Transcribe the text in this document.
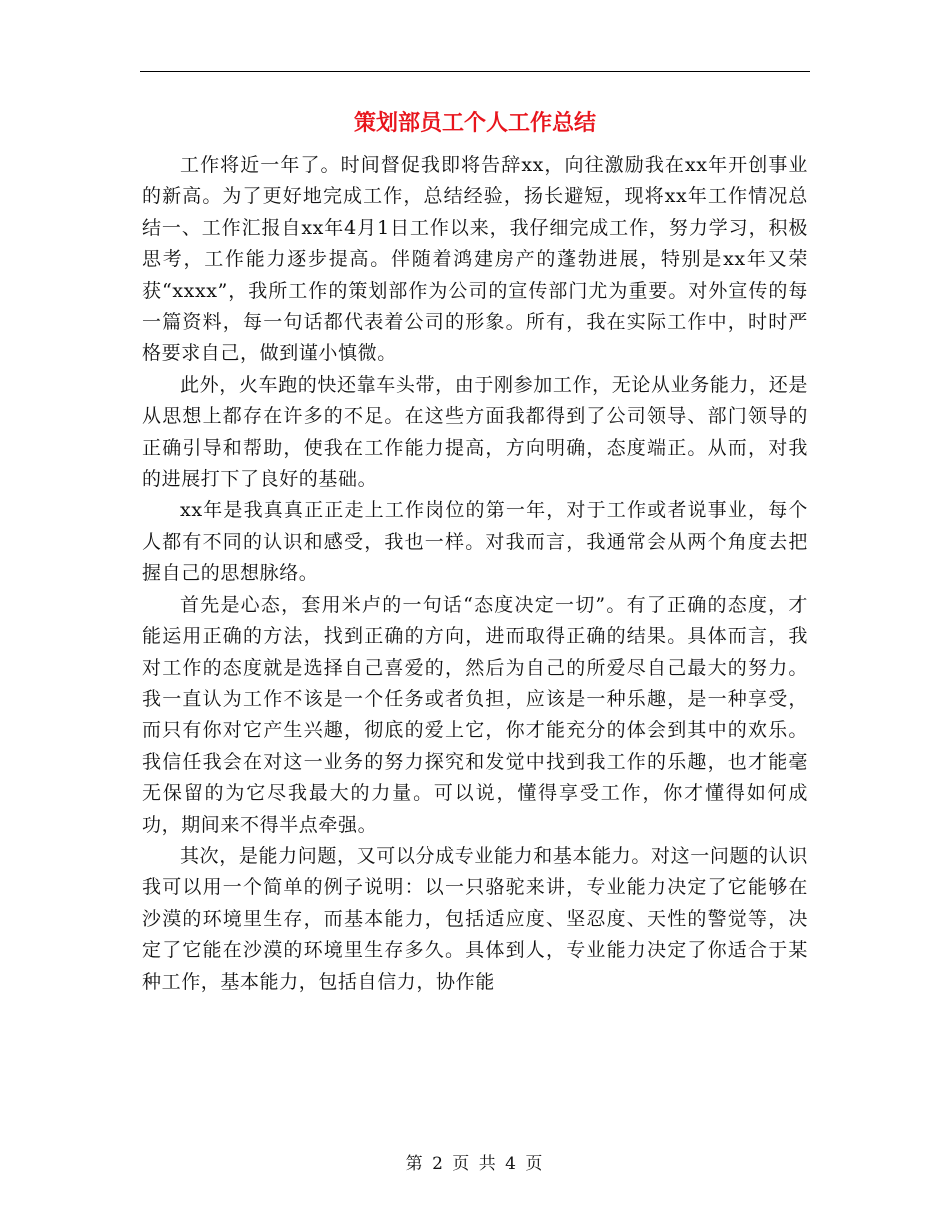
策划部员工个人工作总结

工作将近一年了。时间督促我即将告辞xx，向往激励我在xx年开创事业的新高。为了更好地完成工作，总结经验，扬长避短，现将xx年工作情况总结一、工作汇报自xx年4月1日工作以来，我仔细完成工作，努力学习，积极思考，工作能力逐步提高。伴随着鸿建房产的蓬勃进展，特别是xx年又荣获“xxxx”，我所工作的策划部作为公司的宣传部门尤为重要。对外宣传的每一篇资料，每一句话都代表着公司的形象。所有，我在实际工作中，时时严格要求自己，做到谨小慎微。

此外，火车跑的快还靠车头带，由于刚参加工作，无论从业务能力，还是从思想上都存在许多的不足。在这些方面我都得到了公司领导、部门领导的正确引导和帮助，使我在工作能力提高，方向明确，态度端正。从而，对我的进展打下了良好的基础。

xx年是我真真正正走上工作岗位的第一年，对于工作或者说事业，每个人都有不同的认识和感受，我也一样。对我而言，我通常会从两个角度去把握自己的思想脉络。

首先是心态，套用米卢的一句话“态度决定一切”。有了正确的态度，才能运用正确的方法，找到正确的方向，进而取得正确的结果。具体而言，我对工作的态度就是选择自己喜爱的，然后为自己的所爱尽自己最大的努力。我一直认为工作不该是一个任务或者负担，应该是一种乐趣，是一种享受，而只有你对它产生兴趣，彻底的爱上它，你才能充分的体会到其中的欢乐。我信任我会在对这一业务的努力探究和发觉中找到我工作的乐趣，也才能毫无保留的为它尽我最大的力量。可以说，懂得享受工作，你才懂得如何成功，期间来不得半点牵强。

其次，是能力问题，又可以分成专业能力和基本能力。对这一问题的认识我可以用一个简单的例子说明：以一只骆驼来讲，专业能力决定了它能够在沙漠的环境里生存，而基本能力，包括适应度、坚忍度、天性的警觉等，决定了它能在沙漠的环境里生存多久。具体到人，专业能力决定了你适合于某种工作，基本能力，包括自信力，协作能

第 2 页 共 4 页
